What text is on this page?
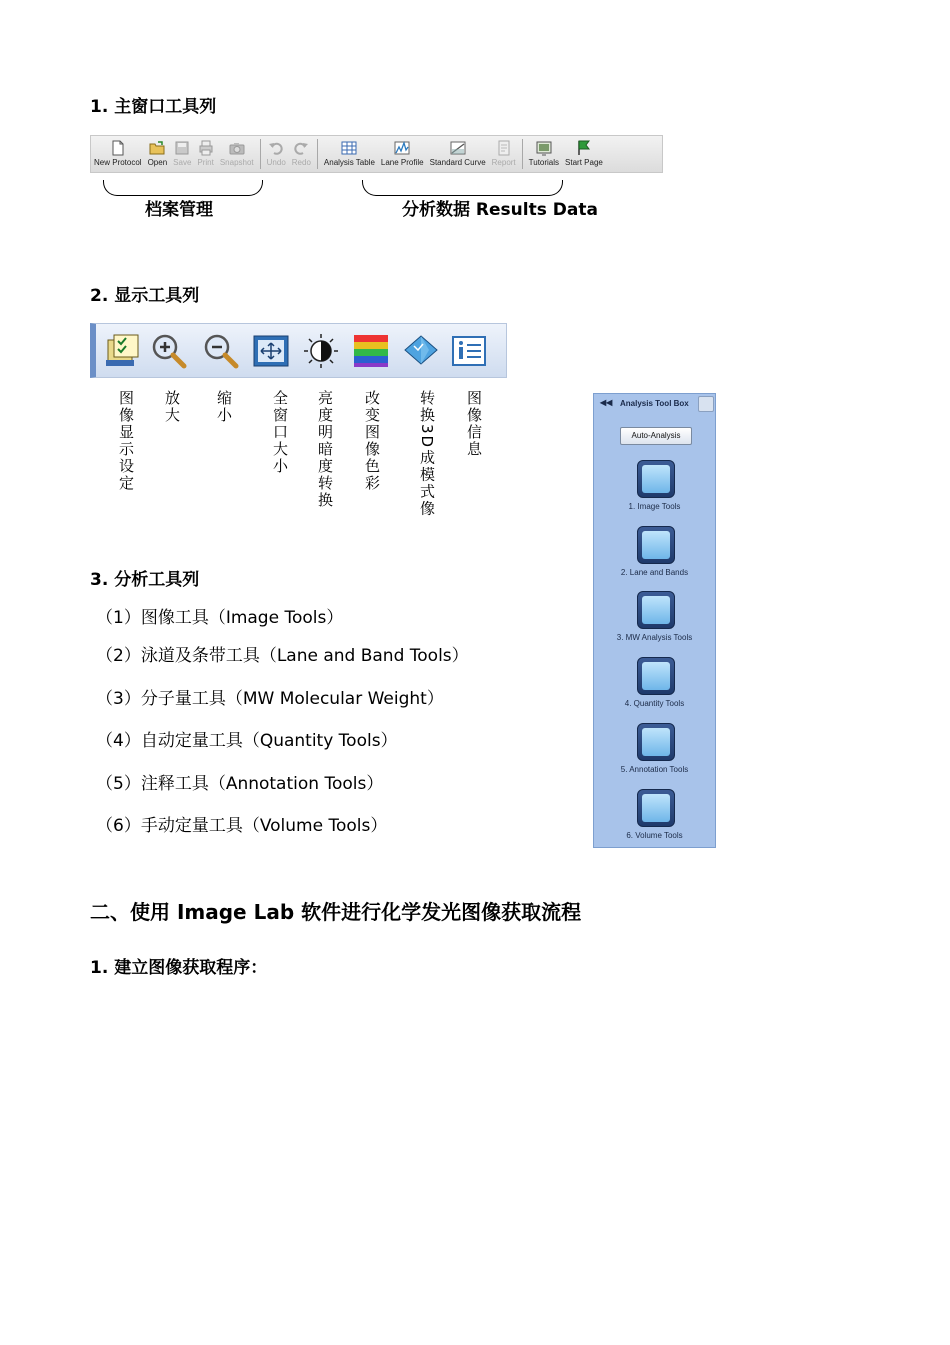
1. 主窗口工具列
New Protocol Open Save Print Snapshot Undo Redo Analysis Table Lane Profile Standard Curve Report Tutorials Start Page
档案管理	分析数据 Results Data
2. 显示工具列
图像显示设定 放大 缩小	全窗口大小 亮度明暗度转换 改变图像色彩 转换3D成模式像 图像信息
3. 分析工具列
（1）图像工具（Image Tools）
（2）泳道及条带工具（Lane and Band Tools）
（3）分子量工具（MW Molecular Weight）
（4）自动定量工具（Quantity Tools）
（5）注释工具（Annotation Tools）
（6）手动定量工具（Volume Tools）
◀◀ Analysis Tool Box
Auto-Analysis
1. Image Tools
2. Lane and Bands
3. MW Analysis Tools
4. Quantity Tools
5. Annotation Tools
6. Volume Tools
二、使用 Image Lab 软件进行化学发光图像获取流程
1. 建立图像获取程序：
